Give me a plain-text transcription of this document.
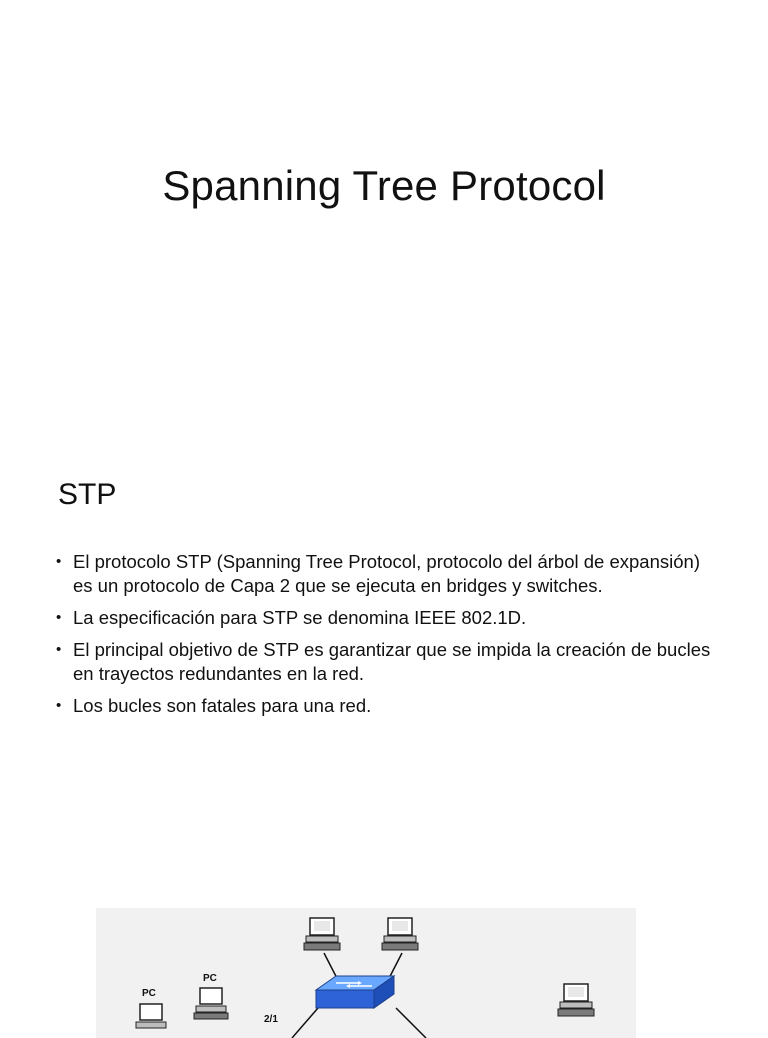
Spanning Tree Protocol
STP
• El protocolo STP (Spanning Tree Protocol, protocolo del árbol de expansión) es un protocolo de Capa 2 que se ejecuta en bridges y switches.
• La especificación para STP se denomina IEEE 802.1D.
• El principal objetivo de STP es garantizar que se impida la creación de bucles en trayectos redundantes en la red.
• Los bucles son fatales para una red.
PC
PC
2/1
